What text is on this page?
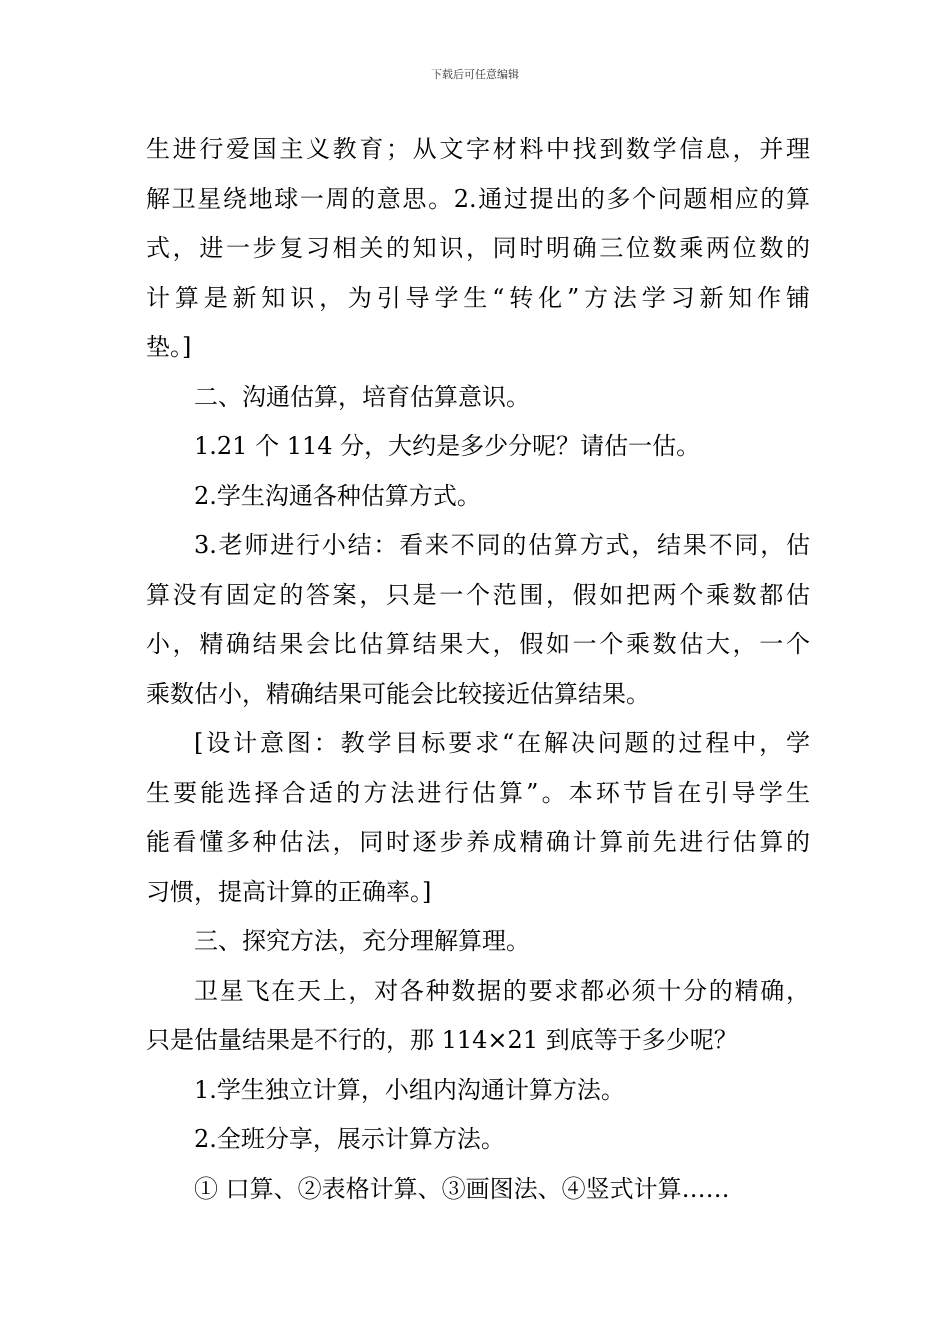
下载后可任意编辑
生进行爱国主义教育；从文字材料中找到数学信息，并理
解卫星绕地球一周的意思。2.通过提出的多个问题相应的算
式，进一步复习相关的知识，同时明确三位数乘两位数的
计算是新知识，为引导学生“转化”方法学习新知作铺
垫。]
二、沟通估算，培育估算意识。
1.21 个 114 分，大约是多少分呢？请估一估。
2.学生沟通各种估算方式。
3.老师进行小结：看来不同的估算方式，结果不同，估
算没有固定的答案，只是一个范围，假如把两个乘数都估
小，精确结果会比估算结果大，假如一个乘数估大，一个
乘数估小，精确结果可能会比较接近估算结果。
[设计意图：教学目标要求“在解决问题的过程中，学
生要能选择合适的方法进行估算”。本环节旨在引导学生
能看懂多种估法，同时逐步养成精确计算前先进行估算的
习惯，提高计算的正确率。]
三、探究方法，充分理解算理。
卫星飞在天上，对各种数据的要求都必须十分的精确，
只是估量结果是不行的，那 114×21 到底等于多少呢？
1.学生独立计算，小组内沟通计算方法。
2.全班分享，展示计算方法。
① 口算、②表格计算、③画图法、④竖式计算……
